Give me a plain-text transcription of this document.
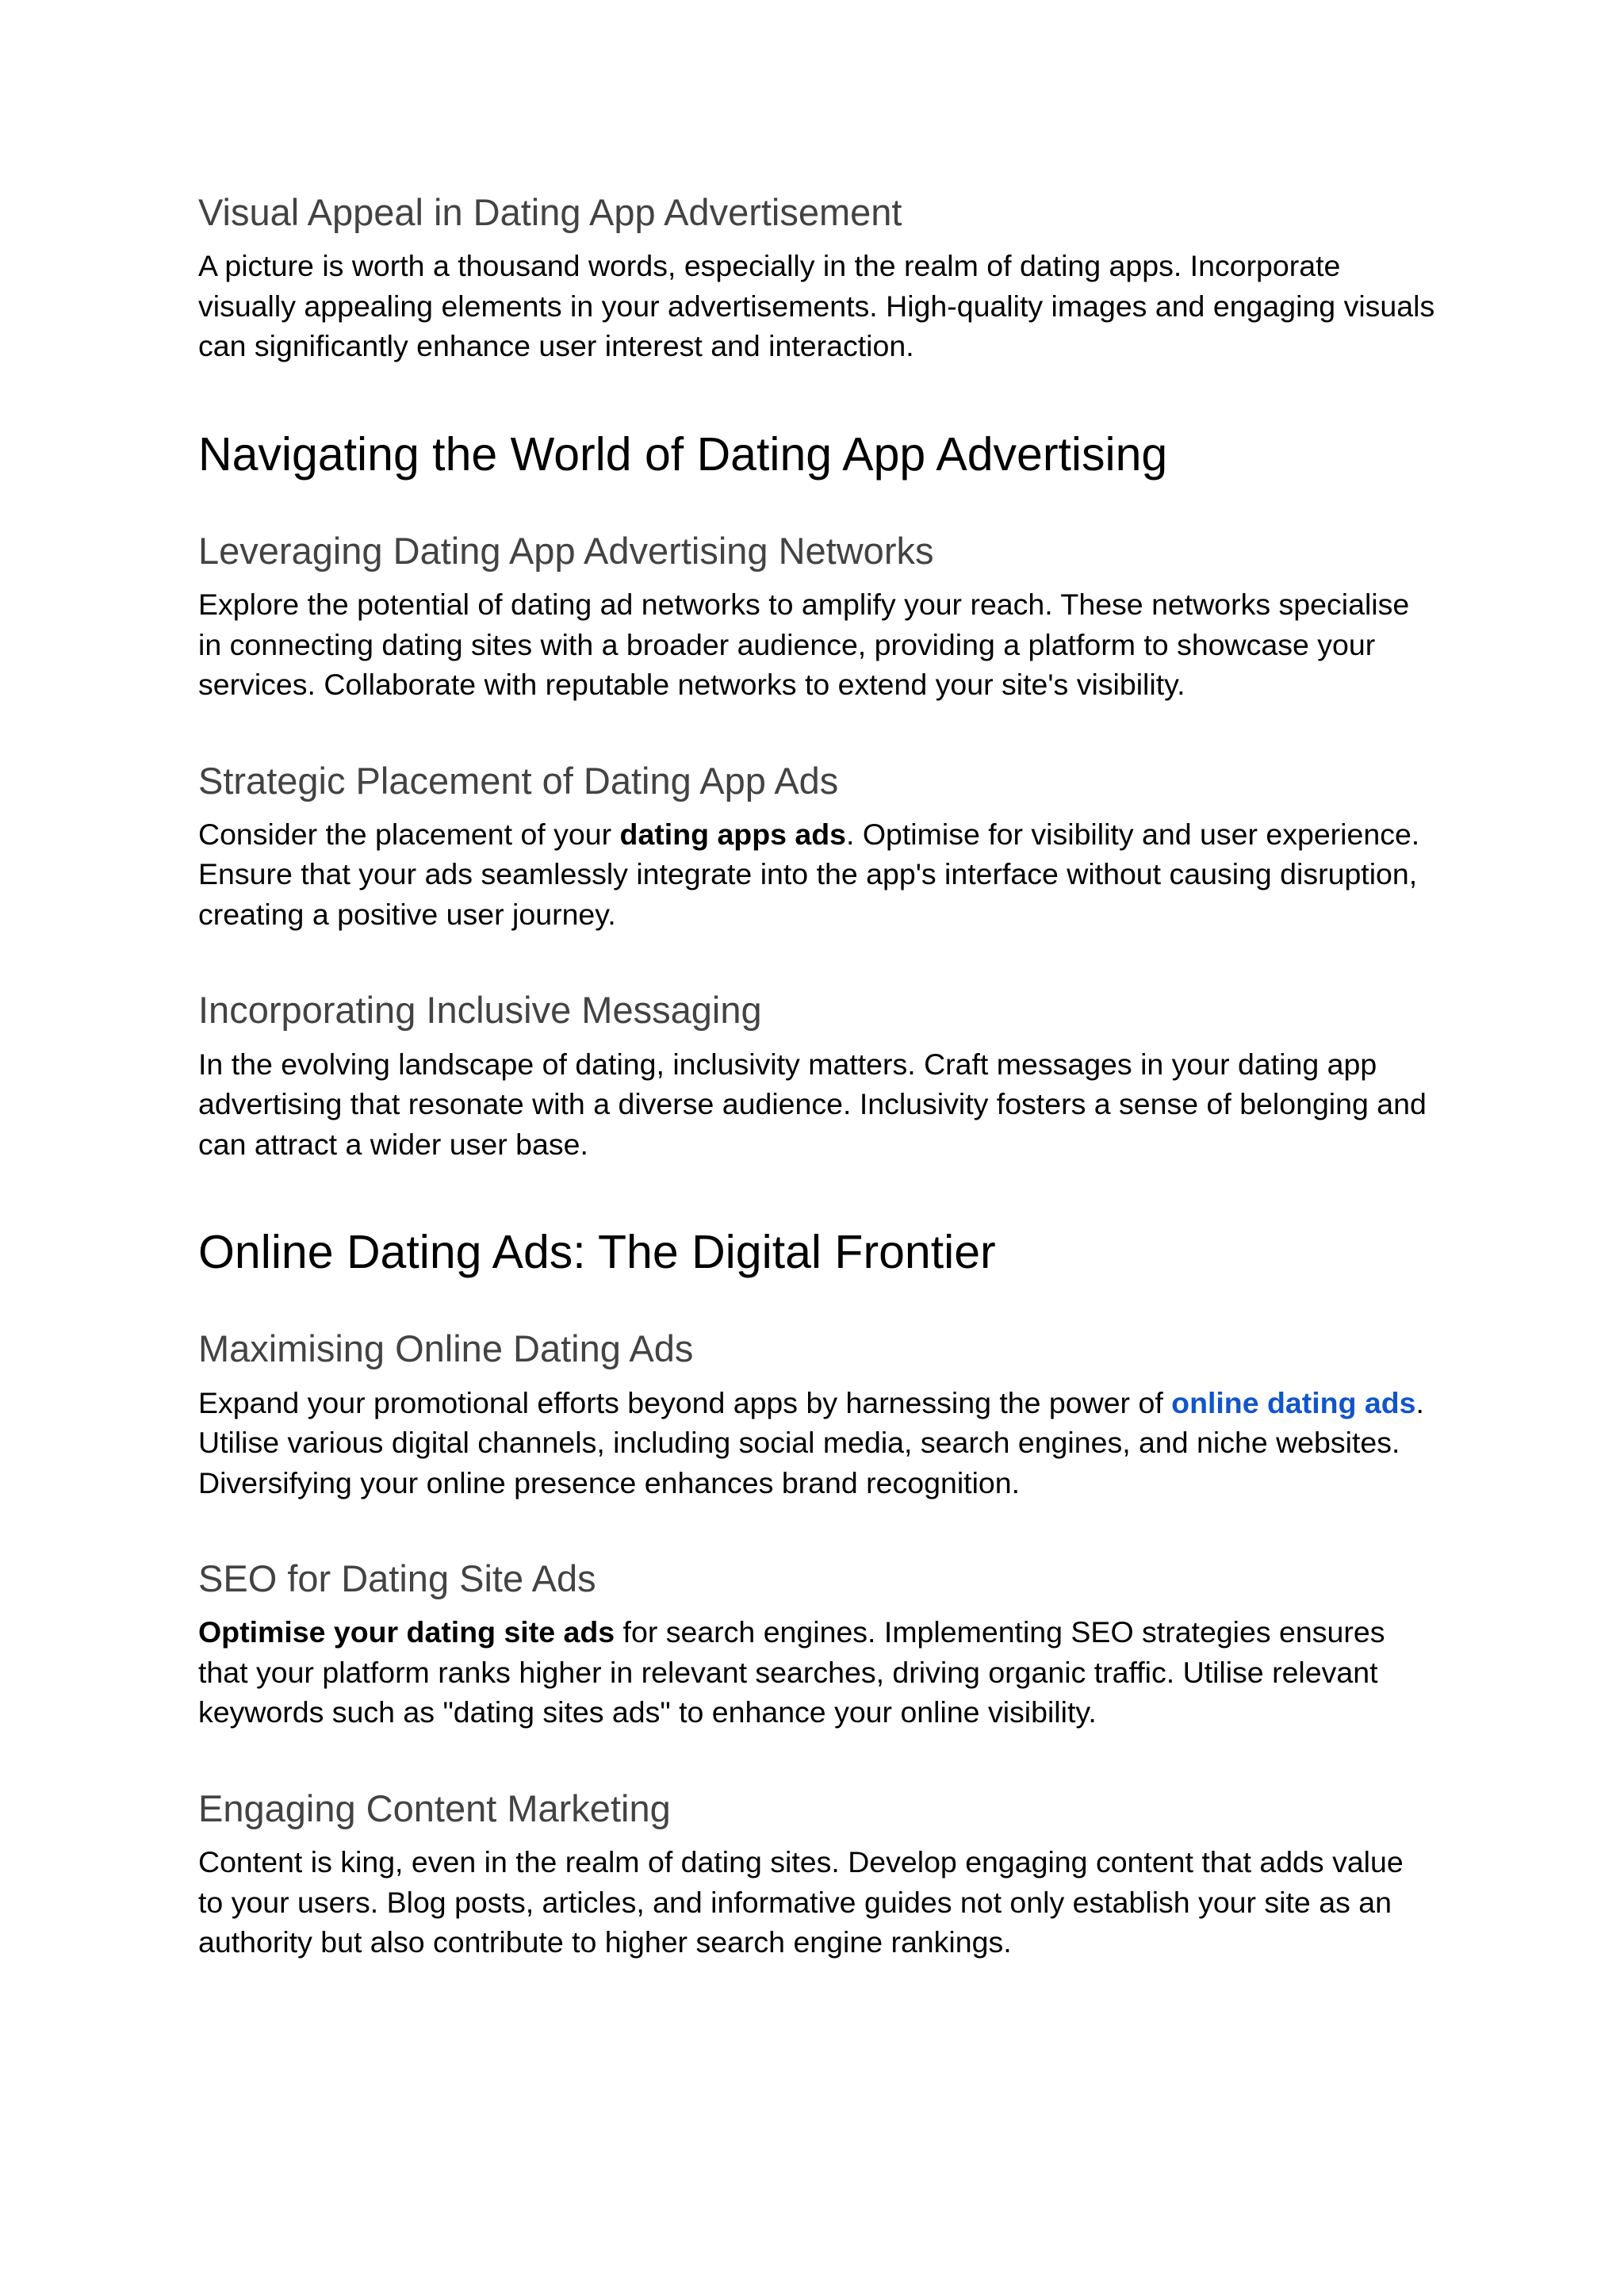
Visual Appeal in Dating App Advertisement

A picture is worth a thousand words, especially in the realm of dating apps. Incorporate visually appealing elements in your advertisements. High-quality images and engaging visuals can significantly enhance user interest and interaction.

Navigating the World of Dating App Advertising
Leveraging Dating App Advertising Networks

Explore the potential of dating ad networks to amplify your reach. These networks specialise in connecting dating sites with a broader audience, providing a platform to showcase your services. Collaborate with reputable networks to extend your site's visibility.

Strategic Placement of Dating App Ads

Consider the placement of your dating apps ads. Optimise for visibility and user experience. Ensure that your ads seamlessly integrate into the app's interface without causing disruption, creating a positive user journey.

Incorporating Inclusive Messaging

In the evolving landscape of dating, inclusivity matters. Craft messages in your dating app advertising that resonate with a diverse audience. Inclusivity fosters a sense of belonging and can attract a wider user base.

Online Dating Ads: The Digital Frontier
Maximising Online Dating Ads

Expand your promotional efforts beyond apps by harnessing the power of online dating ads. Utilise various digital channels, including social media, search engines, and niche websites. Diversifying your online presence enhances brand recognition.

SEO for Dating Site Ads

Optimise your dating site ads for search engines. Implementing SEO strategies ensures that your platform ranks higher in relevant searches, driving organic traffic. Utilise relevant keywords such as "dating sites ads" to enhance your online visibility.

Engaging Content Marketing

Content is king, even in the realm of dating sites. Develop engaging content that adds value to your users. Blog posts, articles, and informative guides not only establish your site as an authority but also contribute to higher search engine rankings.
